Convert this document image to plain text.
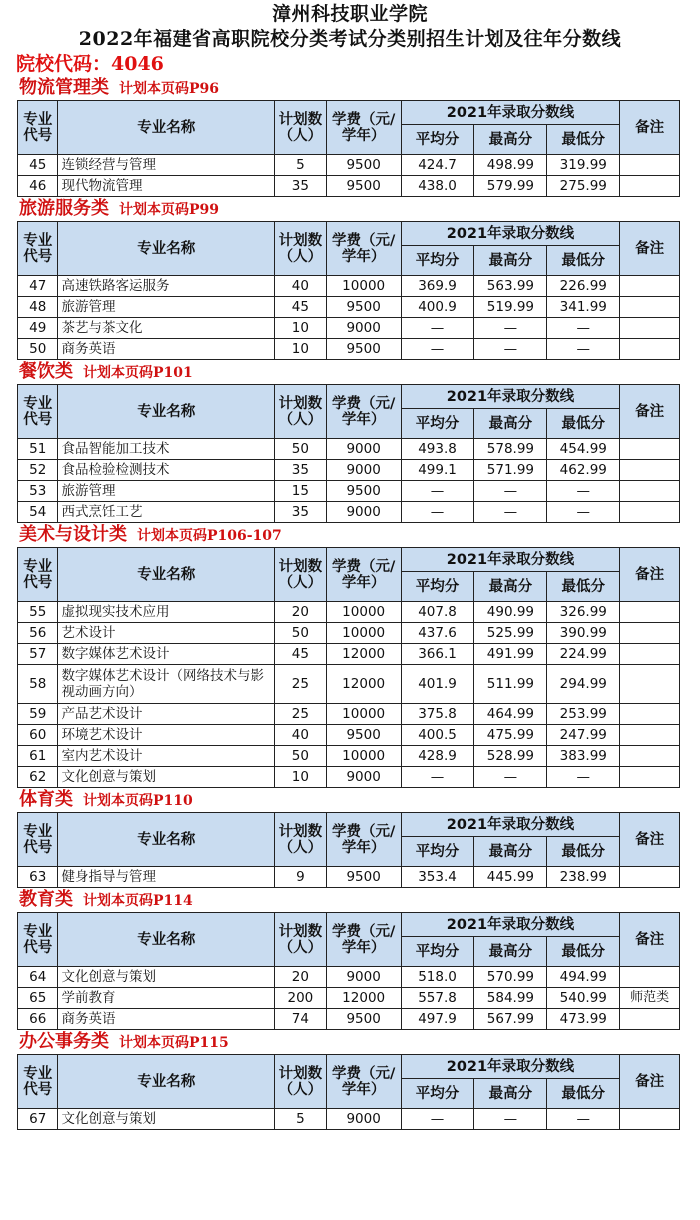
漳州科技职业学院
2022年福建省高职院校分类考试分类别招生计划及往年分数线
院校代码：4046
物流管理类 计划本页码P96
专业代号	专业名称	计划数（人）	学费（元/学年）	2021年录取分数线			备注
				平均分	最高分	最低分	
45	连锁经营与管理	5	9500	424.7	498.99	319.99	
46	现代物流管理	35	9500	438.0	579.99	275.99	
旅游服务类 计划本页码P99
专业代号	专业名称	计划数（人）	学费（元/学年）	2021年录取分数线			备注
				平均分	最高分	最低分	
47	高速铁路客运服务	40	10000	369.9	563.99	226.99	
48	旅游管理	45	9500	400.9	519.99	341.99	
49	茶艺与茶文化	10	9000	—	—	—	
50	商务英语	10	9500	—	—	—	
餐饮类 计划本页码P101
专业代号	专业名称	计划数（人）	学费（元/学年）	2021年录取分数线			备注
				平均分	最高分	最低分	
51	食品智能加工技术	50	9000	493.8	578.99	454.99	
52	食品检验检测技术	35	9000	499.1	571.99	462.99	
53	旅游管理	15	9500	—	—	—	
54	西式烹饪工艺	35	9000	—	—	—	
美术与设计类 计划本页码P106-107
专业代号	专业名称	计划数（人）	学费（元/学年）	2021年录取分数线			备注
				平均分	最高分	最低分	
55	虚拟现实技术应用	20	10000	407.8	490.99	326.99	
56	艺术设计	50	10000	437.6	525.99	390.99	
57	数字媒体艺术设计	45	12000	366.1	491.99	224.99	
58	数字媒体艺术设计（网络技术与影视动画方向）	25	12000	401.9	511.99	294.99	
59	产品艺术设计	25	10000	375.8	464.99	253.99	
60	环境艺术设计	40	9500	400.5	475.99	247.99	
61	室内艺术设计	50	10000	428.9	528.99	383.99	
62	文化创意与策划	10	9000	—	—	—	
体育类 计划本页码P110
专业代号	专业名称	计划数（人）	学费（元/学年）	2021年录取分数线			备注
				平均分	最高分	最低分	
63	健身指导与管理	9	9500	353.4	445.99	238.99	
教育类 计划本页码P114
专业代号	专业名称	计划数（人）	学费（元/学年）	2021年录取分数线			备注
				平均分	最高分	最低分	
64	文化创意与策划	20	9000	518.0	570.99	494.99	
65	学前教育	200	12000	557.8	584.99	540.99	师范类
66	商务英语	74	9500	497.9	567.99	473.99	
办公事务类 计划本页码P115
专业代号	专业名称	计划数（人）	学费（元/学年）	2021年录取分数线			备注
				平均分	最高分	最低分	
67	文化创意与策划	5	9000	—	—	—	
